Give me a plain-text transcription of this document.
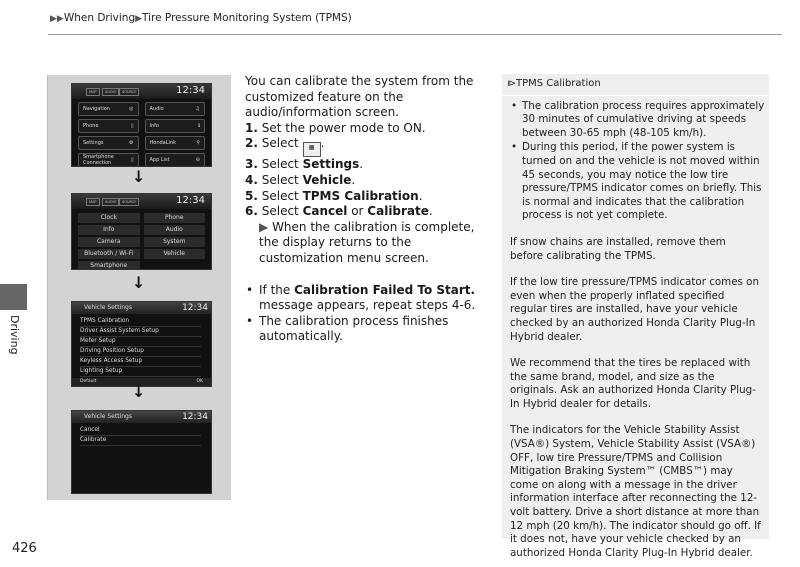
▶▶When Driving▶Tire Pressure Monitoring System (TPMS)
Driving
426
MAP	AUDIO	SOURCE	12:34
Navigation	◎	Audio	♫
Phone	▯	Info	ℹ
Settings	⚙	HondaLink	⚲
Smartphone Connection	▯	App List	⊖
↓
MAP	AUDIO	SOURCE	12:34
Clock	Phone
Info	Audio
Camera	System
Bluetooth / Wi-Fi	Vehicle
Smartphone
↓
Vehicle Settings	12:34
TPMS Calibration
Driver Assist System Setup
Meter Setup
Driving Position Setup
Keyless Access Setup
Lighting Setup
Default	OK
↓
Vehicle Settings	12:34
Cancel
Calibrate

You can calibrate the system from the customized feature on the audio/information screen.

1. Set the power mode to ON.

2. Select ▦ .

3. Select Settings.

4. Select Vehicle.

5. Select TPMS Calibration.

6. Select Cancel or Calibrate.

▶ When the calibration is complete, the display returns to the customization menu screen.

• If the Calibration Failed To Start. message appears, repeat steps 4-6.

• The calibration process finishes automatically.

⧐TPMS Calibration
• The calibration process requires approximately 30 minutes of cumulative driving at speeds between 30-65 mph (48-105 km/h).
• During this period, if the power system is turned on and the vehicle is not moved within 45 seconds, you may notice the low tire pressure/TPMS indicator comes on briefly. This is normal and indicates that the calibration process is not yet complete.

If snow chains are installed, remove them before calibrating the TPMS.

If the low tire pressure/TPMS indicator comes on even when the properly inflated specified regular tires are installed, have your vehicle checked by an authorized Honda Clarity Plug-In Hybrid dealer.

We recommend that the tires be replaced with the same brand, model, and size as the originals. Ask an authorized Honda Clarity Plug-In Hybrid dealer for details.

The indicators for the Vehicle Stability Assist (VSA®) System, Vehicle Stability Assist (VSA®) OFF, low tire Pressure/TPMS and Collision Mitigation Braking System™ (CMBS™) may come on along with a message in the driver information interface after reconnecting the 12-volt battery. Drive a short distance at more than 12 mph (20 km/h). The indicator should go off. If it does not, have your vehicle checked by an authorized Honda Clarity Plug-In Hybrid dealer.
